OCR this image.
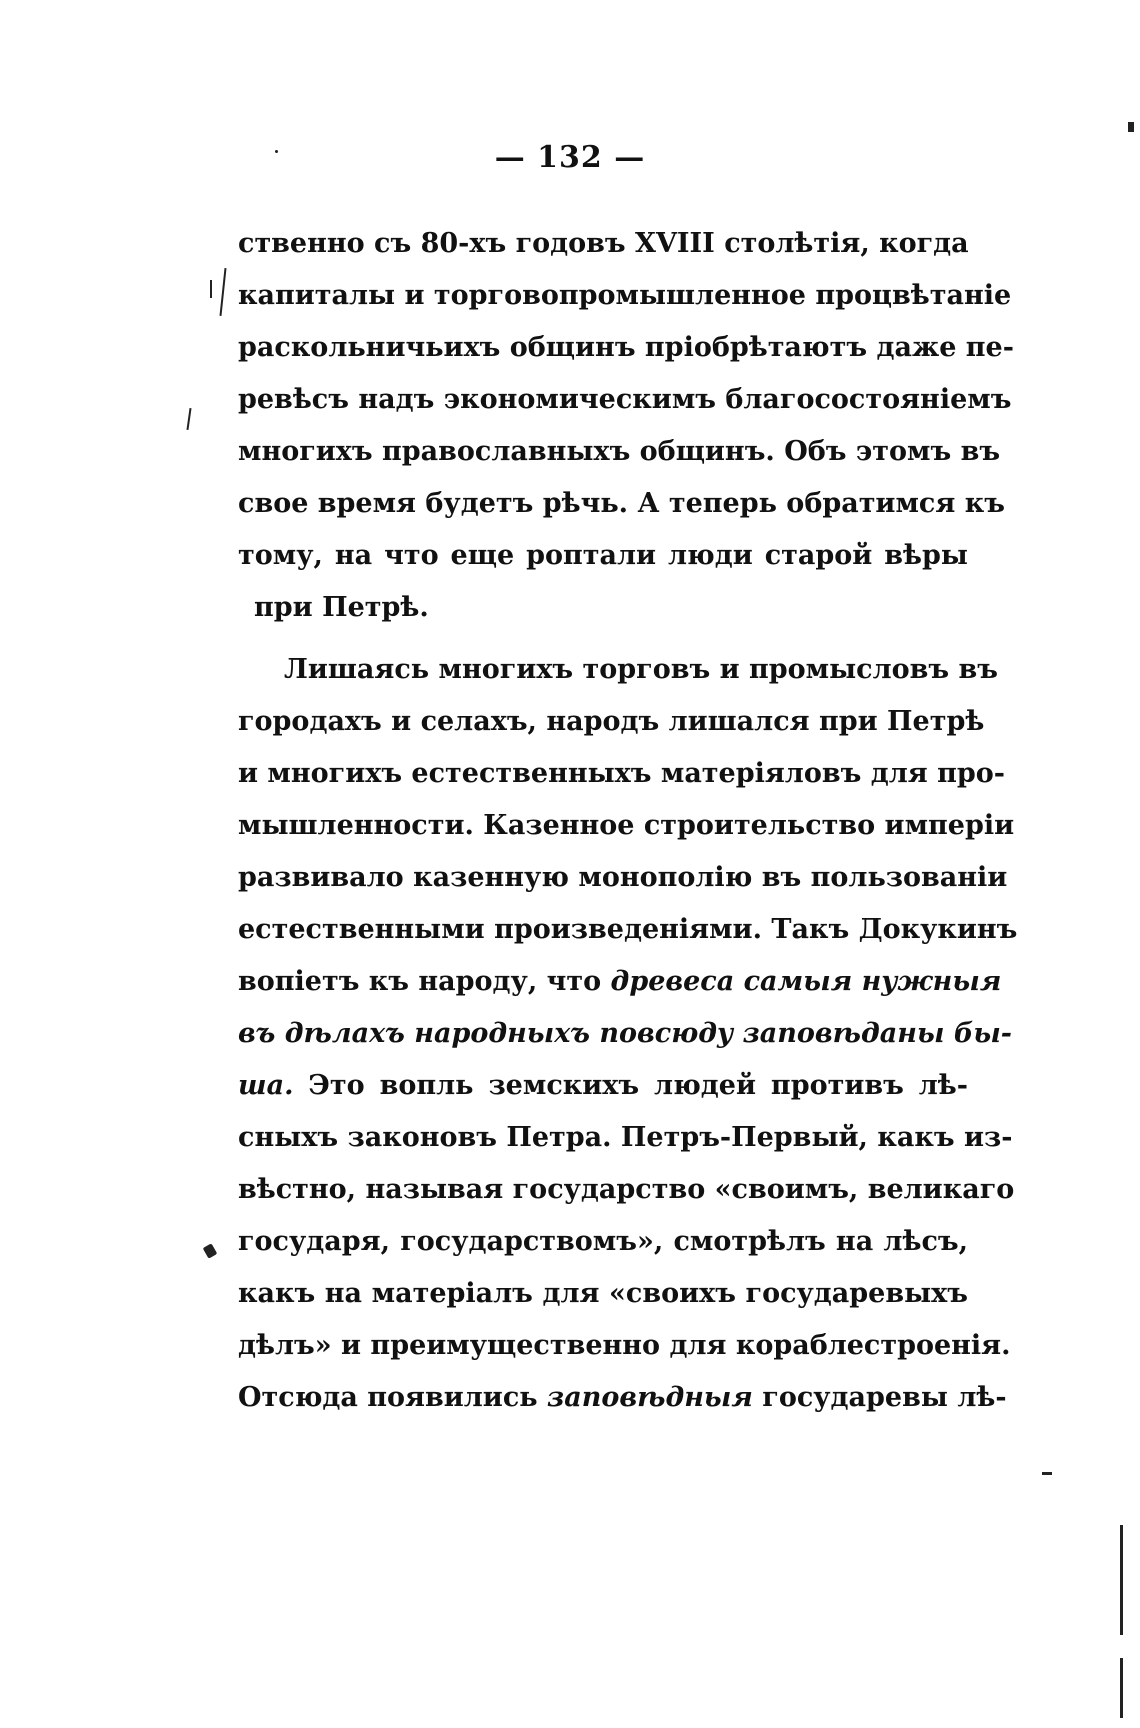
— 132 —
ственно съ 80-хъ годовъ XVIII столѣтія, когда
капиталы и торговопромышленное процвѣтаніе
раскольничьихъ общинъ пріобрѣтаютъ даже пе-
ревѣсъ надъ экономическимъ благосостояніемъ
многихъ православныхъ общинъ. Объ этомъ въ
свое время будетъ рѣчь. А теперь обратимся къ
тому, на что еще роптали люди старой вѣры
при Петрѣ.
Лишаясь многихъ торговъ и промысловъ въ
городахъ и селахъ, народъ лишался при Петрѣ
и многихъ естественныхъ матеріяловъ для про-
мышленности. Казенное строительство имперіи
развивало казенную монополію въ пользованіи
естественными произведеніями. Такъ Докукинъ
вопіетъ къ народу, что древеса самыя нужныя
въ дѣлахъ народныхъ повсюду заповѣданы бы-
ша. Это вопль земскихъ людей противъ лѣ-
сныхъ законовъ Петра. Петръ-Первый, какъ из-
вѣстно, называя государство «своимъ, великаго
государя, государствомъ», смотрѣлъ на лѣсъ,
какъ на матеріалъ для «своихъ государевыхъ
дѣлъ» и преимущественно для кораблестроенія.
Отсюда появились заповѣдныя государевы лѣ-
